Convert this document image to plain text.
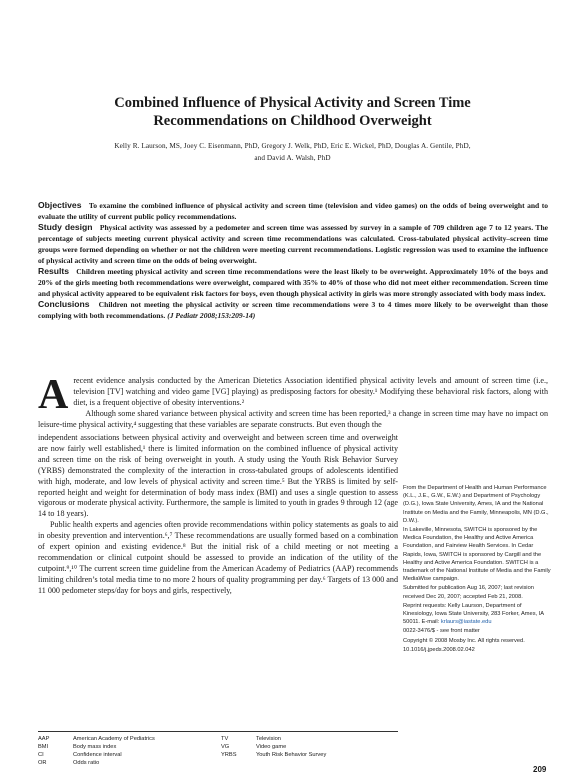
Combined Influence of Physical Activity and Screen Time
Recommendations on Childhood Overweight
Kelly R. Laurson, MS, Joey C. Eisenmann, PhD, Gregory J. Welk, PhD, Eric E. Wickel, PhD, Douglas A. Gentile, PhD,
and David A. Walsh, PhD

Objectives To examine the combined influence of physical activity and screen time (television and video games) on the odds of being overweight and to evaluate the utility of current public policy recommendations.

Study design Physical activity was assessed by a pedometer and screen time was assessed by survey in a sample of 709 children age 7 to 12 years. The percentage of subjects meeting current physical activity and screen time recommendations was calculated. Cross-tabulated physical activity–screen time groups were formed depending on whether or not the children were meeting current recommendations. Logistic regression was used to examine the influence of physical activity and screen time on the odds of being overweight.

Results Children meeting physical activity and screen time recommendations were the least likely to be overweight. Approximately 10% of the boys and 20% of the girls meeting both recommendations were overweight, compared with 35% to 40% of those who did not meet either recommendation. Screen time and physical activity appeared to be equivalent risk factors for boys, even though physical activity in girls was more strongly associated with body mass index.

Conclusions Children not meeting the physical activity or screen time recommendations were 3 to 4 times more likely to be overweight than those complying with both recommendations. (J Pediatr 2008;153:209-14)

Arecent evidence analysis conducted by the American Dietetics Association identified physical activity levels and amount of screen time (i.e., television [TV] watching and video game [VG] playing) as predisposing factors for obesity.¹ Modifying these behavioral risk factors, along with diet, is a frequent objective of obesity interventions.²

Although some shared variance between physical activity and screen time has been reported,³ a change in screen time may have no impact on leisure-time physical activity,⁴ suggesting that these variables are separate constructs. But even though the

independent associations between physical activity and overweight and between screen time and overweight are now fairly well established,¹ there is limited information on the combined influence of physical activity and screen time on the risk of being overweight in youth. A study using the Youth Risk Behavior Survey (YRBS) demonstrated the complexity of the interaction in cross-tabulated groups of adolescents identified with high, moderate, and low levels of physical activity and screen time.⁵ But the YRBS is limited by self-reported height and weight for determination of body mass index (BMI) and uses a single question to assess vigorous or moderate physical activity. Furthermore, the sample is limited to youth in grades 9 through 12 (age 14 to 18 years).

Public health experts and agencies often provide recommendations within policy statements as goals to aid in obesity prevention and intervention.⁶,⁷ These recommendations are usually formed based on a combination of expert opinion and existing evidence.⁸ But the initial risk of a child meeting or not meeting a recommendation or clinical cutpoint should be assessed to provide an indication of the utility of the cutpoint.⁹,¹⁰ The current screen time guideline from the American Academy of Pediatrics (AAP) recommends limiting children’s total media time to no more 2 hours of quality programming per day.⁶ Targets of 13 000 and 11 000 pedometer steps/day for boys and girls, respectively,

From the Department of Health and Human Performance (K.L., J.E., G.W., E.W.) and Department of Psychology (D.G.), Iowa State University, Ames, IA and the National Institute on Media and the Family, Minneapolis, MN (D.G., D.W.).

In Lakeville, Minnesota, SWITCH is sponsored by the Medica Foundation, the Healthy and Active America Foundation, and Fairview Health Services. In Cedar Rapids, Iowa, SWITCH is sponsored by Cargill and the Healthy and Active America Foundation. SWITCH is a trademark of the National Institute of Media and the Family MediaWise campaign.

Submitted for publication Aug 16, 2007; last revision received Dec 20, 2007; accepted Feb 21, 2008.

Reprint requests: Kelly Laurson, Department of Kinesiology, Iowa State University, 283 Forker, Ames, IA 50011. E-mail: krlaurs@iastate.edu

0022-3476/$ - see front matter

Copyright © 2008 Mosby Inc. All rights reserved.

10.1016/j.jpeds.2008.02.042

AAP	American Academy of Pediatrics	TV	Television
BMI	Body mass index	VG	Video game
CI	Confidence interval	YRBS	Youth Risk Behavior Survey
OR	Odds ratio
209
